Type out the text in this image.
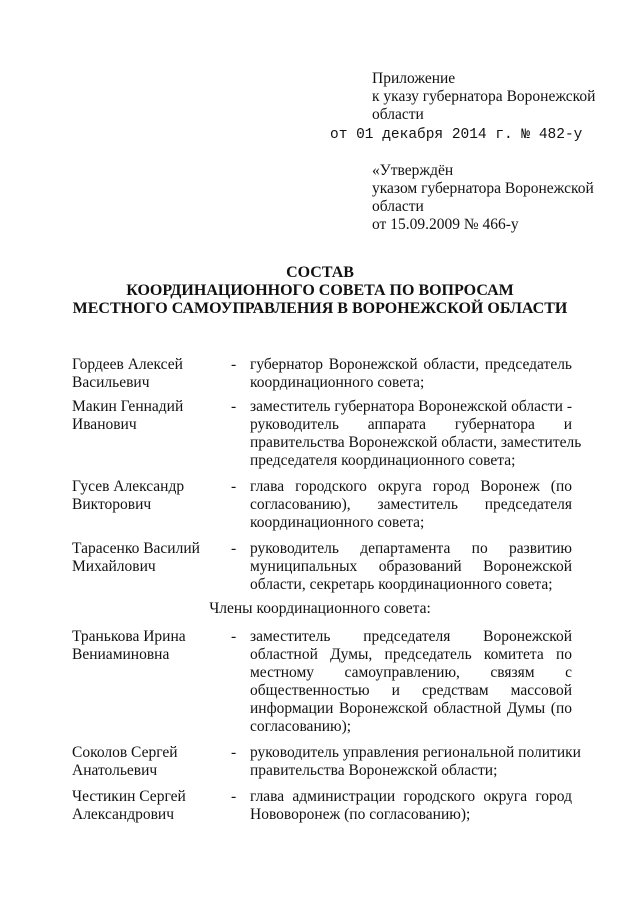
Приложение
к указу губернатора Воронежской
области
от 01 декабря 2014 г. № 482-у
«Утверждён
указом губернатора Воронежской
области
от 15.09.2009 № 466-у
СОСТАВ
КООРДИНАЦИОННОГО СОВЕТА ПО ВОПРОСАМ
МЕСТНОГО САМОУПРАВЛЕНИЯ В ВОРОНЕЖСКОЙ ОБЛАСТИ
Гордеев Алексей
Васильевич
- губернатор Воронежской области, председатель
координационного совета;
Макин Геннадий
Иванович
- заместитель губернатора Воронежской области -
руководитель аппарата губернатора и
правительства Воронежской области, заместитель
председателя координационного совета;
Гусев Александр
Викторович
- глава городского округа город Воронеж (по
согласованию), заместитель председателя
координационного совета;
Тарасенко Василий
Михайлович
- руководитель департамента по развитию
муниципальных образований Воронежской
области, секретарь координационного совета;
Члены координационного совета:
Транькова Ирина
Вениаминовна
- заместитель председателя Воронежской
областной Думы, председатель комитета по
местному самоуправлению, связям с
общественностью и средствам массовой
информации Воронежской областной Думы (по
согласованию);
Соколов Сергей
Анатольевич
- руководитель управления региональной политики
правительства Воронежской области;
Честикин Сергей
Александрович
- глава администрации городского округа город
Нововоронеж (по согласованию);
